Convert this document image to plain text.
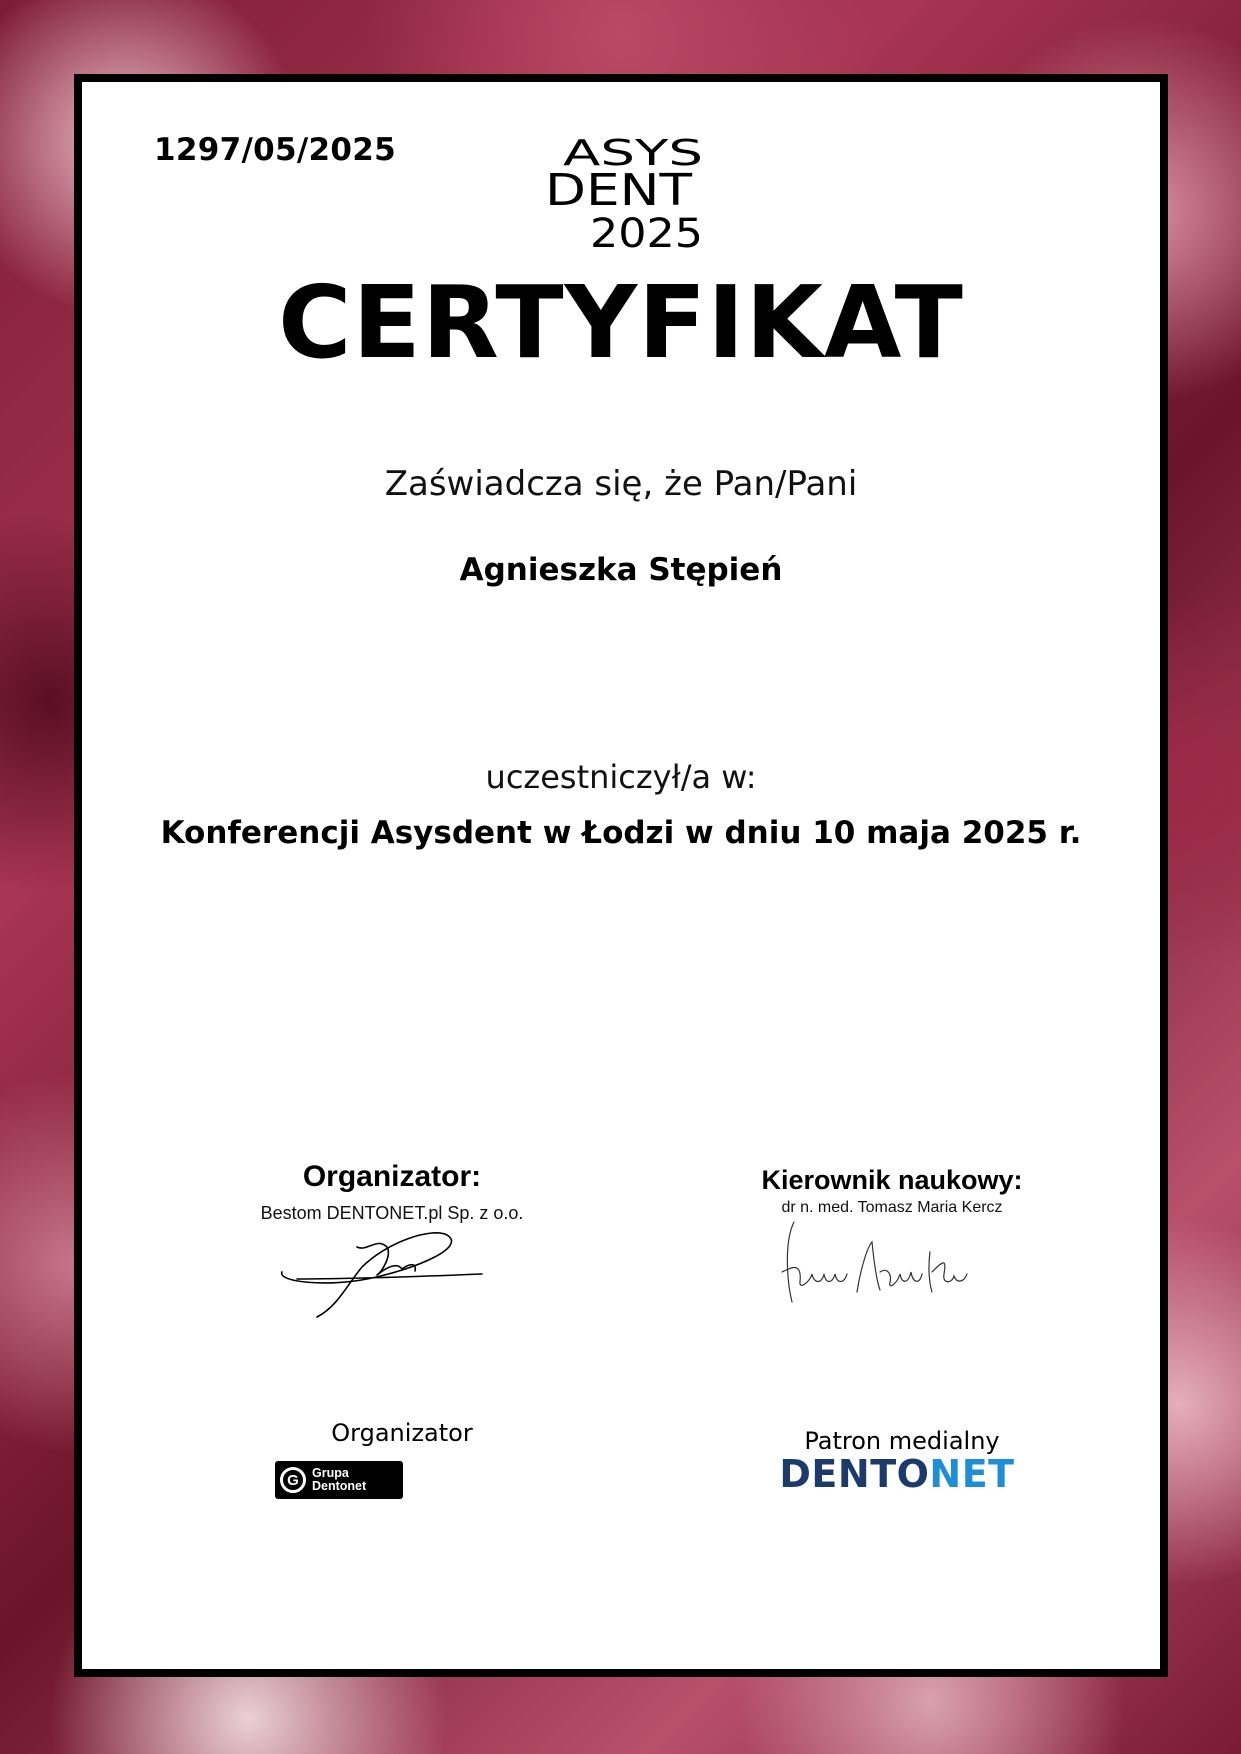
1297/05/2025	ASYS
DENT
2025
CERTYFIKAT
Zaświadcza się, że Pan/Pani
Agnieszka Stępień
uczestniczył/a w:
Konferencji Asysdent w Łodzi w dniu 10 maja 2025 r.
Organizator:
Bestom DENTONET.pl Sp. z o.o.
Kierownik naukowy:
dr n. med. Tomasz Maria Kercz
Organizator
G	Grupa
Dentonet
Patron medialny
DENTONET
